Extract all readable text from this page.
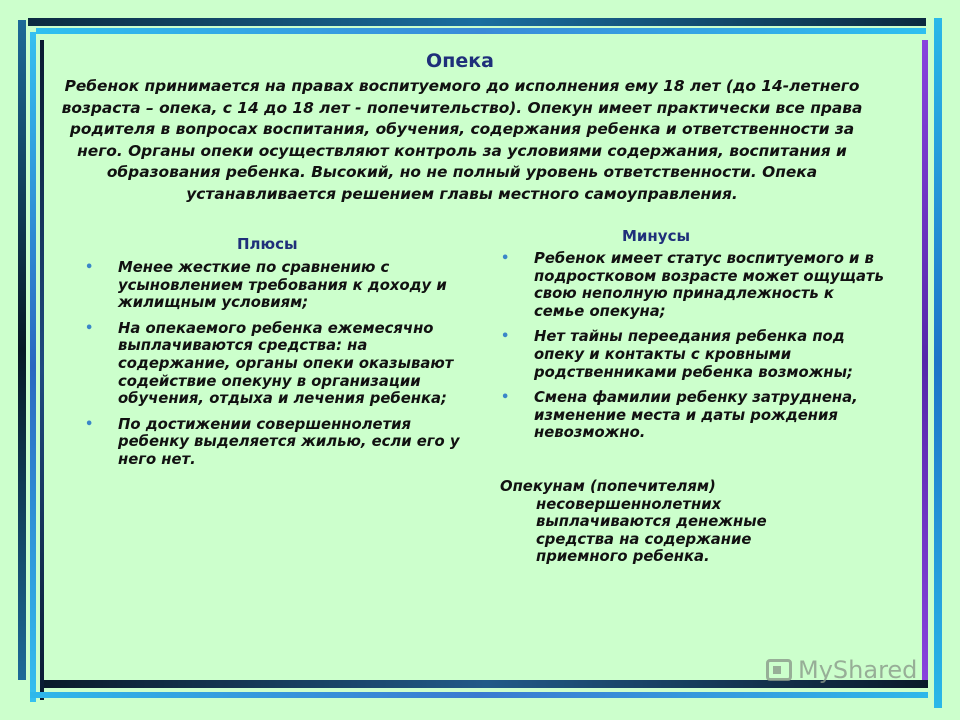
Опека

Ребенок принимается на правах воспитуемого до исполнения ему 18 лет (до 14-летнего возраста – опека, с 14 до 18 лет - попечительство). Опекун имеет практически все права родителя в вопросах воспитания, обучения, содержания ребенка и ответственности за него. Органы опеки осуществляют контроль за условиями содержания, воспитания и образования ребенка. Высокий, но не полный уровень ответственности. Опека устанавливается решением главы местного самоуправления.

Плюсы
• Менее жесткие по сравнению с усыновлением требования к доходу и жилищным условиям;
• На опекаемого ребенка ежемесячно выплачиваются средства: на содержание, органы опеки оказывают содействие опекуну в организации обучения, отдыха и лечения ребенка;
• По достижении совершеннолетия ребенку выделяется жилью, если его у него нет.
Минусы
• Ребенок имеет статус воспитуемого и в подростковом возрасте может ощущать свою неполную принадлежность к семье опекуна;
• Нет тайны переедания ребенка под опеку и контакты с кровными родственниками ребенка возможны;
• Смена фамилии ребенку затруднена, изменение места и даты рождения невозможно.
Опекунам (попечителям)
несовершеннолетних выплачиваются денежные средства на содержание приемного ребенка.
MyShared
